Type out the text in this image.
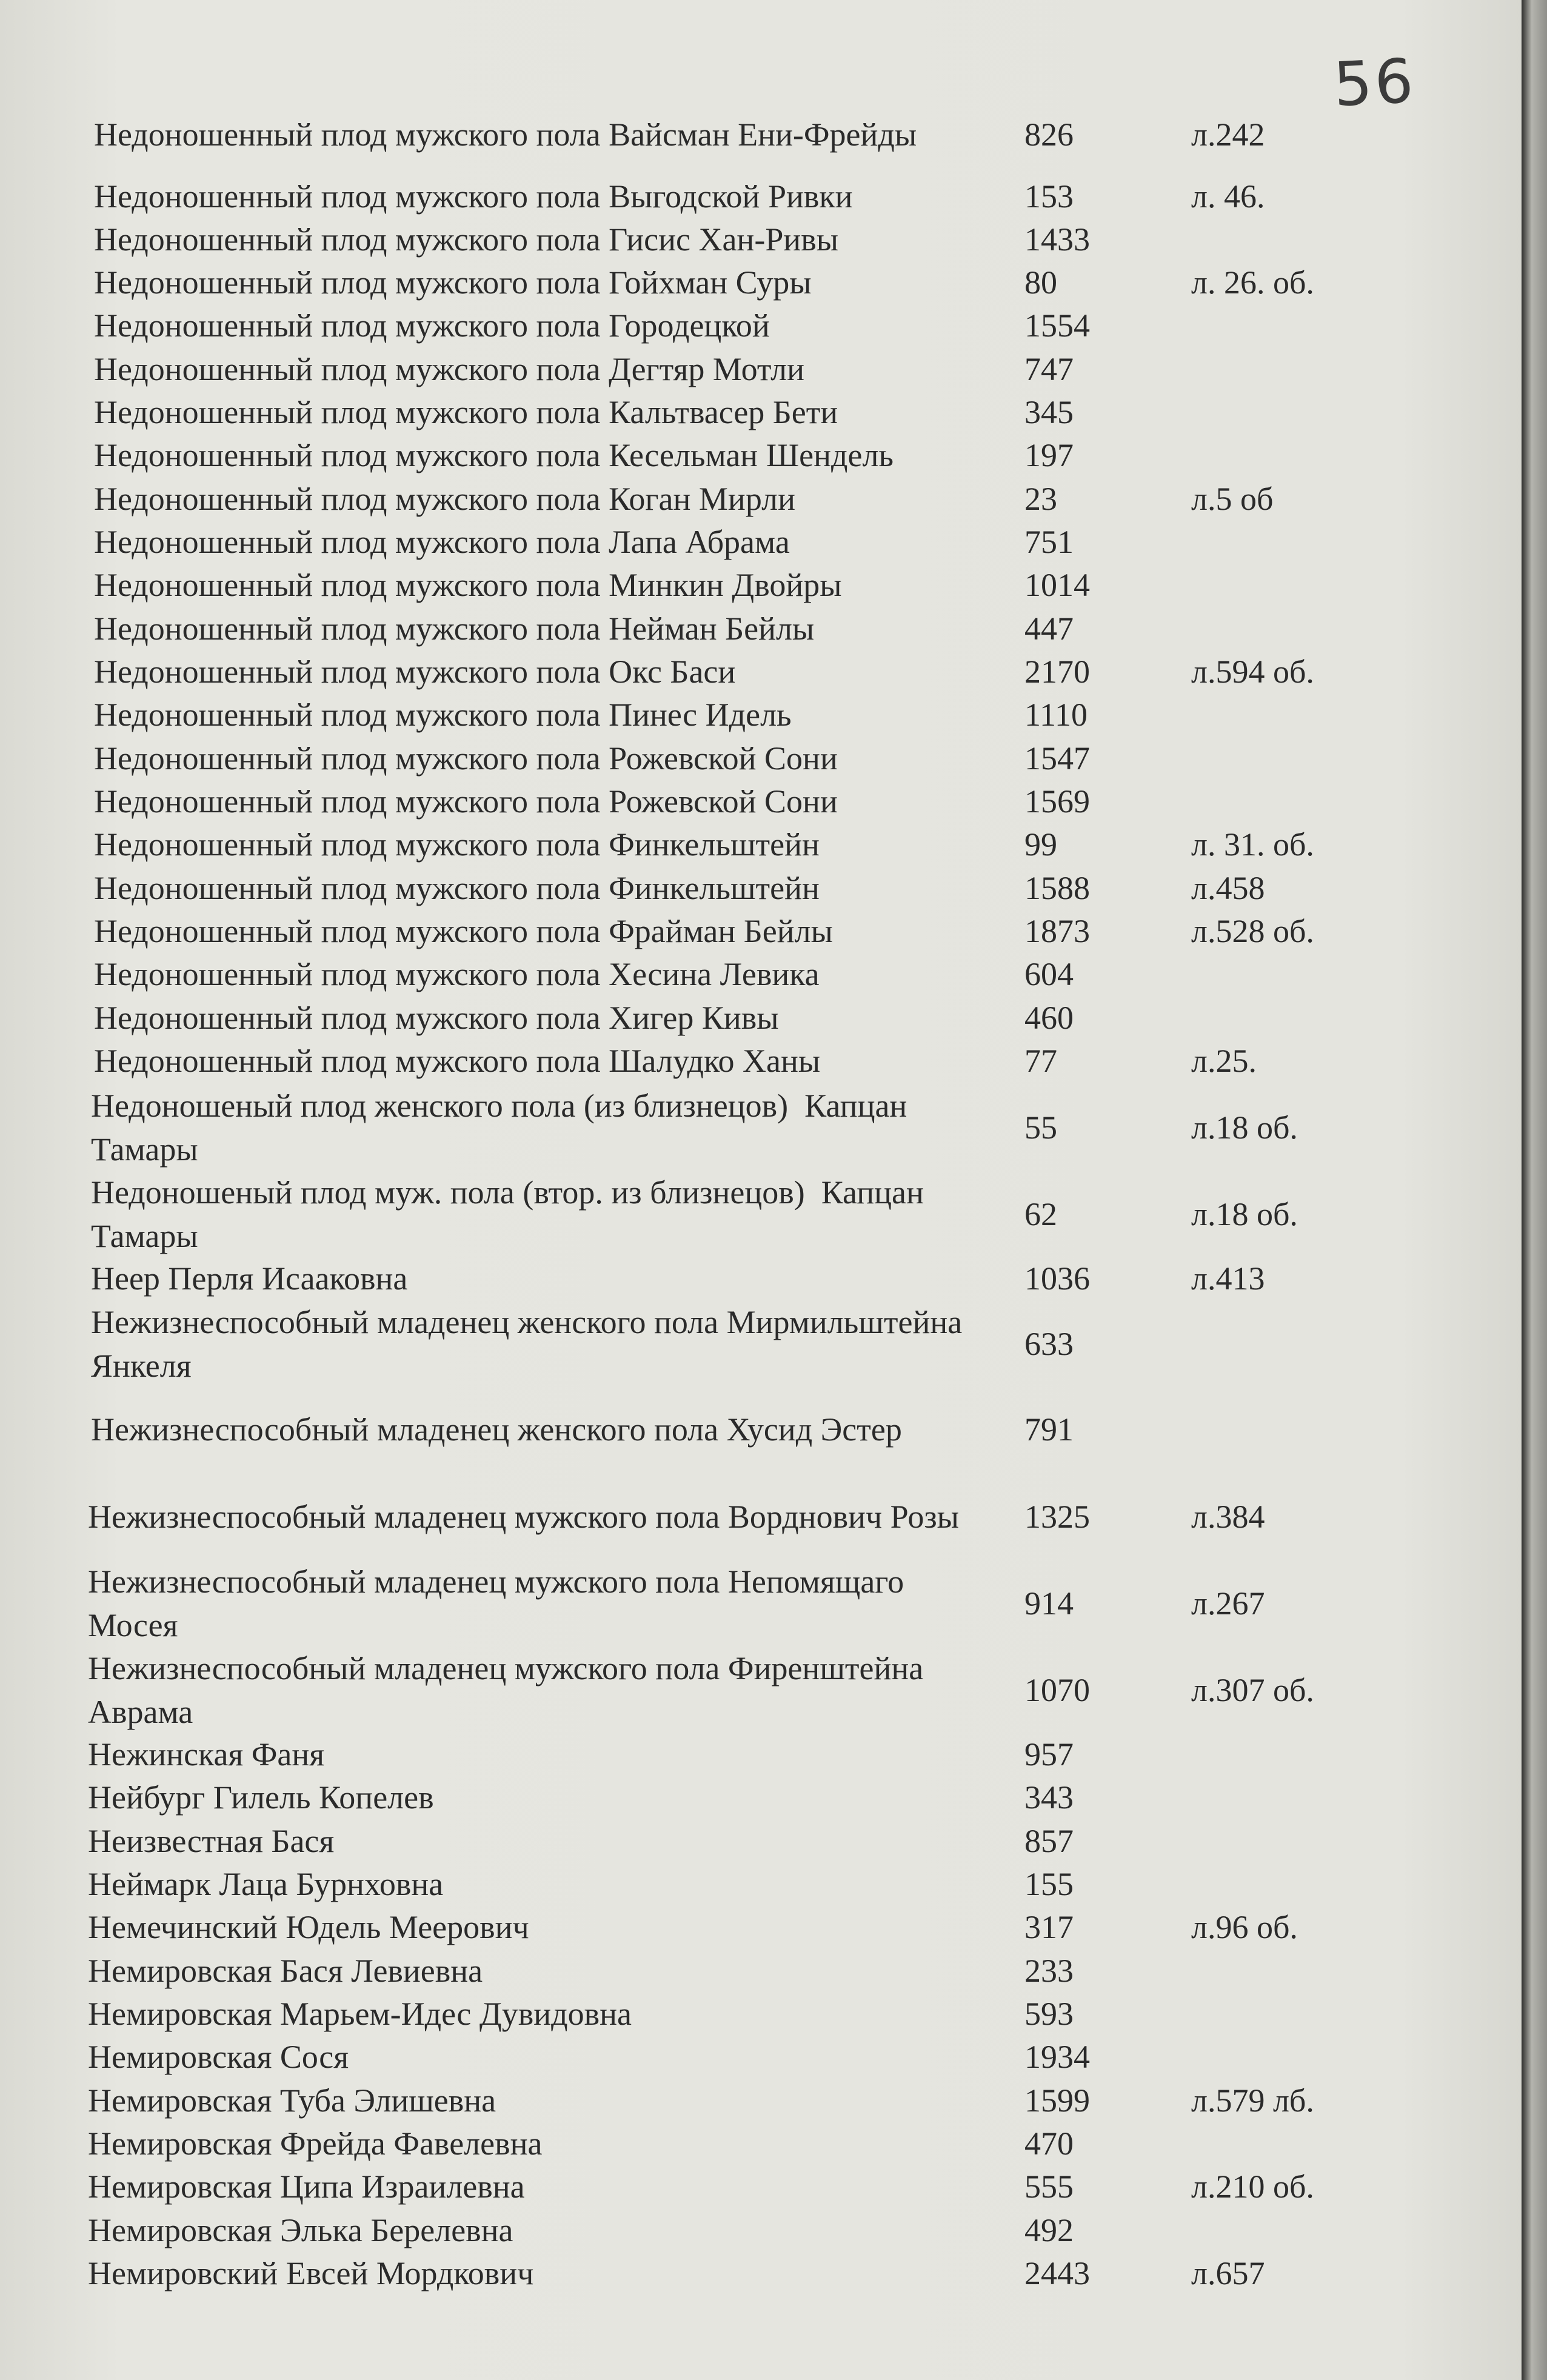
56
Недоношенный плод мужского пола Вайсман Ени-Фрейды	826	л.242
Недоношенный плод мужского пола Выгодской Ривки	153	л. 46.
Недоношенный плод мужского пола Гисис Хан-Ривы	1433
Недоношенный плод мужского пола Гойхман Суры	80	л. 26. об.
Недоношенный плод мужского пола Городецкой	1554
Недоношенный плод мужского пола Дегтяр Мотли	747
Недоношенный плод мужского пола Кальтвасер Бети	345
Недоношенный плод мужского пола Кесельман Шендель	197
Недоношенный плод мужского пола Коган Мирли	23	л.5 об
Недоношенный плод мужского пола Лапа Абрама	751
Недоношенный плод мужского пола Минкин Двойры	1014
Недоношенный плод мужского пола Нейман Бейлы	447
Недоношенный плод мужского пола Окс Баси	2170	л.594 об.
Недоношенный плод мужского пола Пинес Идель	1110
Недоношенный плод мужского пола Рожевской Сони	1547
Недоношенный плод мужского пола Рожевской Сони	1569
Недоношенный плод мужского пола Финкельштейн	99	л. 31. об.
Недоношенный плод мужского пола Финкельштейн	1588	л.458
Недоношенный плод мужского пола Фрайман Бейлы	1873	л.528 об.
Недоношенный плод мужского пола Хесина Левика	604
Недоношенный плод мужского пола Хигер Кивы	460
Недоношенный плод мужского пола Шалудко Ханы	77	л.25.
Недоношеный плод женского пола (из близнецов)  Капцан
Тамары
55	л.18 об.
Недоношеный плод муж. пола (втор. из близнецов)  Капцан
Тамары
62	л.18 об.
Неер Перля Исааковна	1036	л.413
Нежизнеспособный младенец женского пола Мирмильштейна
Янкеля
633
Нежизнеспособный младенец женского пола Хусид Эстер	791
Нежизнеспособный младенец мужского пола Ворднович Розы	1325	л.384
Нежизнеспособный младенец мужского пола Непомящаго
Мосея
914	л.267
Нежизнеспособный младенец мужского пола Фиренштейна
Аврама
1070	л.307 об.
Нежинская Фаня	957
Нейбург Гилель Копелев	343
Неизвестная Бася	857
Неймарк Лаца Бурнховна	155
Немечинский Юдель Меерович	317	л.96 об.
Немировская Бася Левиевна	233
Немировская Марьем-Идес Дувидовна	593
Немировская Сося	1934
Немировская Туба Элишевна	1599	л.579 лб.
Немировская Фрейда Фавелевна	470
Немировская Ципа Израилевна	555	л.210 об.
Немировская Элька Берелевна	492
Немировский Евсей Мордкович	2443	л.657
